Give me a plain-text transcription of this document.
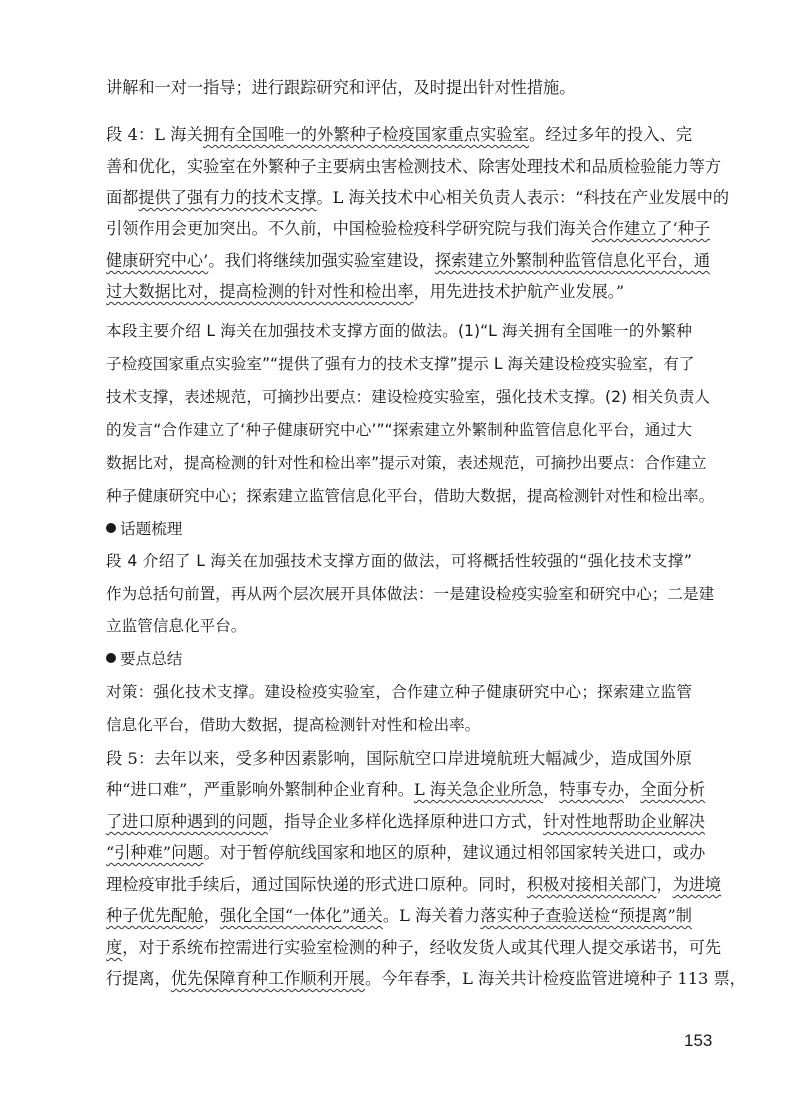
讲解和一对一指导；进行跟踪研究和评估，及时提出针对性措施。
段 4：L 海关拥有全国唯一的外繁种子检疫国家重点实验室。经过多年的投入、完
善和优化，实验室在外繁种子主要病虫害检测技术、除害处理技术和品质检验能力等方
面都提供了强有力的技术支撑。L 海关技术中心相关负责人表示：“科技在产业发展中的
引领作用会更加突出。不久前，中国检验检疫科学研究院与我们海关合作建立了‘种子
健康研究中心’。我们将继续加强实验室建设，探索建立外繁制种监管信息化平台，通
过大数据比对，提高检测的针对性和检出率，用先进技术护航产业发展。”
本段主要介绍 L 海关在加强技术支撑方面的做法。(1)“L 海关拥有全国唯一的外繁种
子检疫国家重点实验室”“提供了强有力的技术支撑”提示 L 海关建设检疫实验室，有了
技术支撑，表述规范，可摘抄出要点：建设检疫实验室，强化技术支撑。(2) 相关负责人
的发言“合作建立了‘种子健康研究中心’”“探索建立外繁制种监管信息化平台，通过大
数据比对，提高检测的针对性和检出率”提示对策，表述规范，可摘抄出要点：合作建立
种子健康研究中心；探索建立监管信息化平台，借助大数据，提高检测针对性和检出率。
话题梳理
段 4 介绍了 L 海关在加强技术支撑方面的做法，可将概括性较强的“强化技术支撑”
作为总括句前置，再从两个层次展开具体做法：一是建设检疫实验室和研究中心；二是建
立监管信息化平台。
要点总结
对策：强化技术支撑。建设检疫实验室，合作建立种子健康研究中心；探索建立监管
信息化平台，借助大数据，提高检测针对性和检出率。
段 5：去年以来，受多种因素影响，国际航空口岸进境航班大幅减少，造成国外原
种“进口难”，严重影响外繁制种企业育种。L 海关急企业所急，特事专办，全面分析
了进口原种遇到的问题，指导企业多样化选择原种进口方式，针对性地帮助企业解决
“引种难”问题。对于暂停航线国家和地区的原种，建议通过相邻国家转关进口，或办
理检疫审批手续后，通过国际快递的形式进口原种。同时，积极对接相关部门，为进境
种子优先配舱，强化全国“一体化”通关。L 海关着力落实种子查验送检“预提离”制
度，对于系统布控需进行实验室检测的种子，经收发货人或其代理人提交承诺书，可先
行提离，优先保障育种工作顺利开展。今年春季，L 海关共计检疫监管进境种子 113 票，
153
